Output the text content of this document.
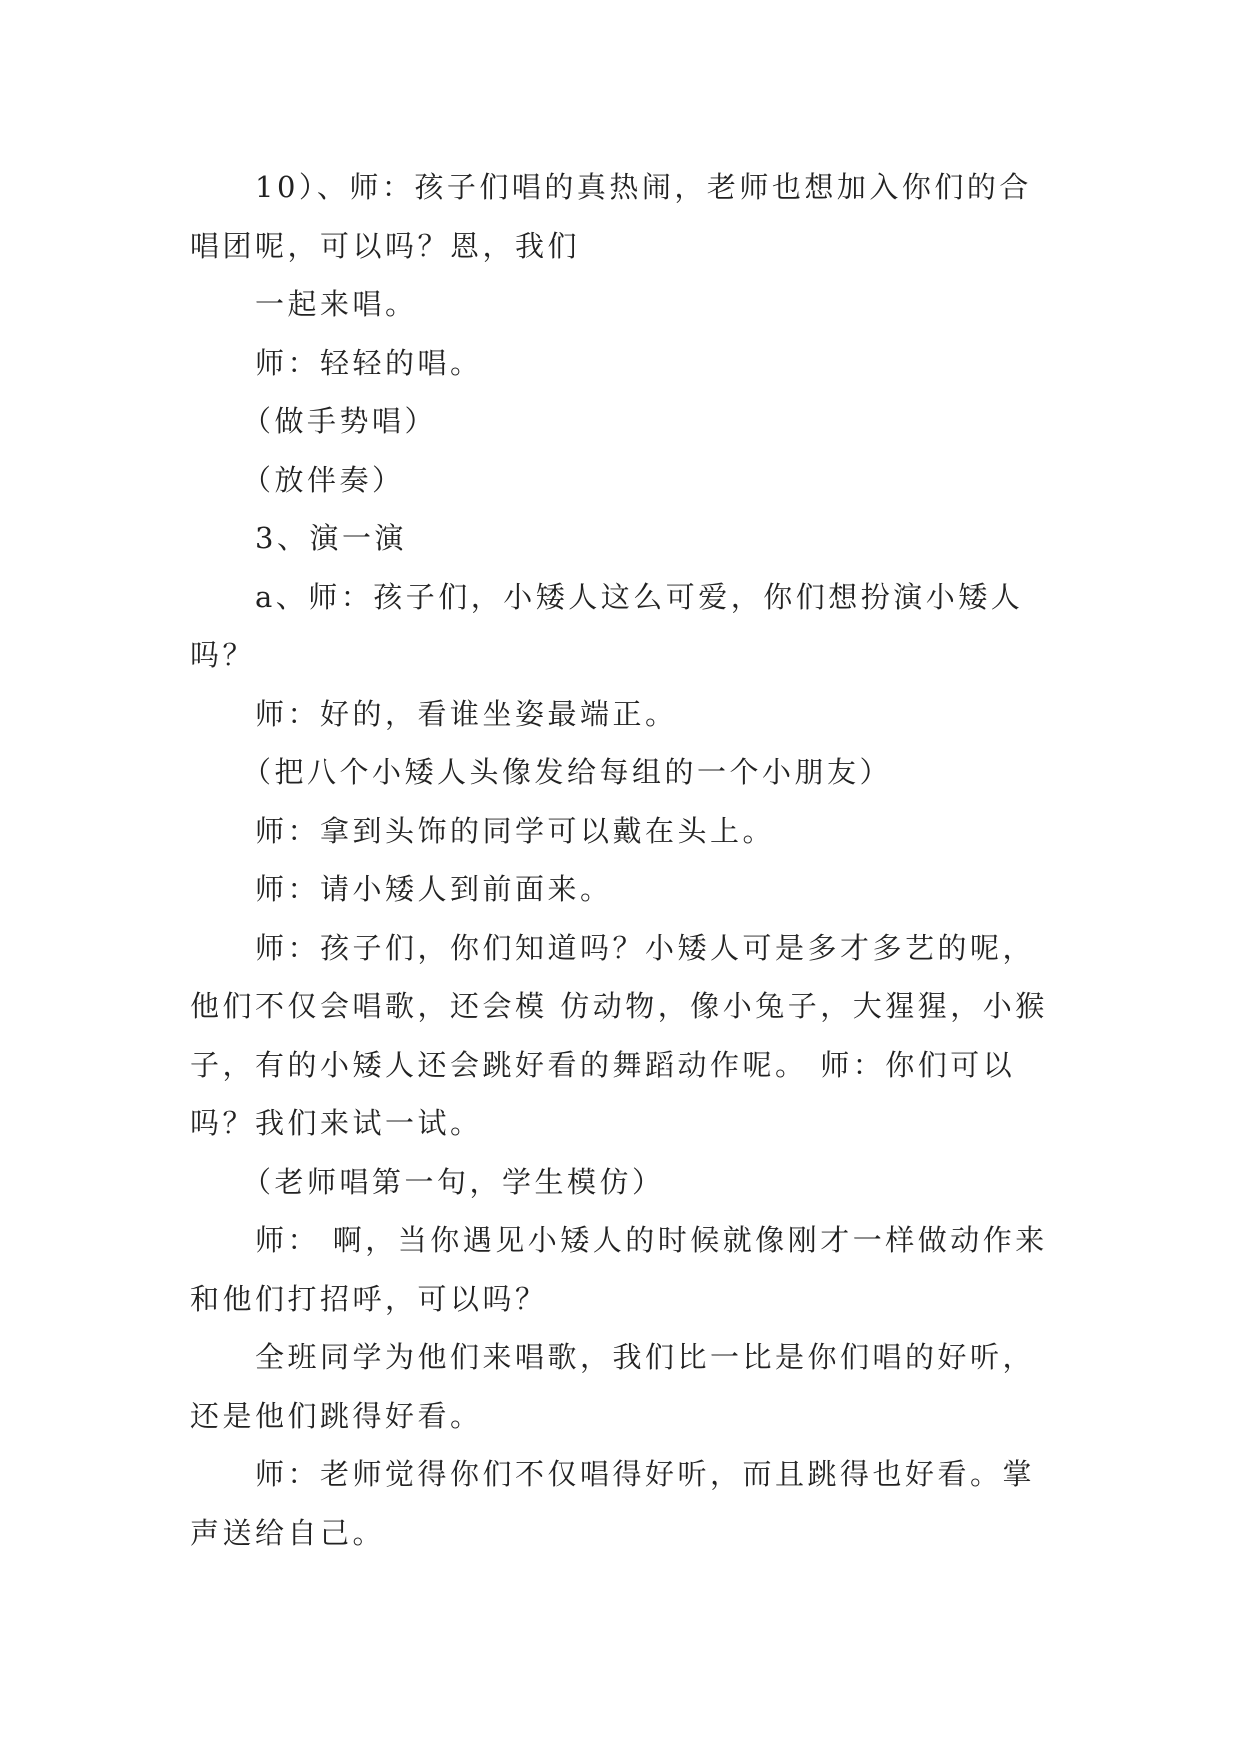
10）、师：孩子们唱的真热闹，老师也想加入你们的合唱团呢，可以吗？恩，我们

一起来唱。

师：轻轻的唱。

（做手势唱）

（放伴奏）

3、演一演

a、师：孩子们，小矮人这么可爱，你们想扮演小矮人吗？

师：好的，看谁坐姿最端正。

（把八个小矮人头像发给每组的一个小朋友）

师：拿到头饰的同学可以戴在头上。

师：请小矮人到前面来。

师：孩子们，你们知道吗？小矮人可是多才多艺的呢，他们不仅会唱歌，还会模 仿动物，像小兔子，大猩猩，小猴子，有的小矮人还会跳好看的舞蹈动作呢。 师：你们可以吗？我们来试一试。

（老师唱第一句，学生模仿）

师： 啊，当你遇见小矮人的时候就像刚才一样做动作来和他们打招呼，可以吗？

全班同学为他们来唱歌，我们比一比是你们唱的好听，还是他们跳得好看。

师：老师觉得你们不仅唱得好听，而且跳得也好看。掌声送给自己。
